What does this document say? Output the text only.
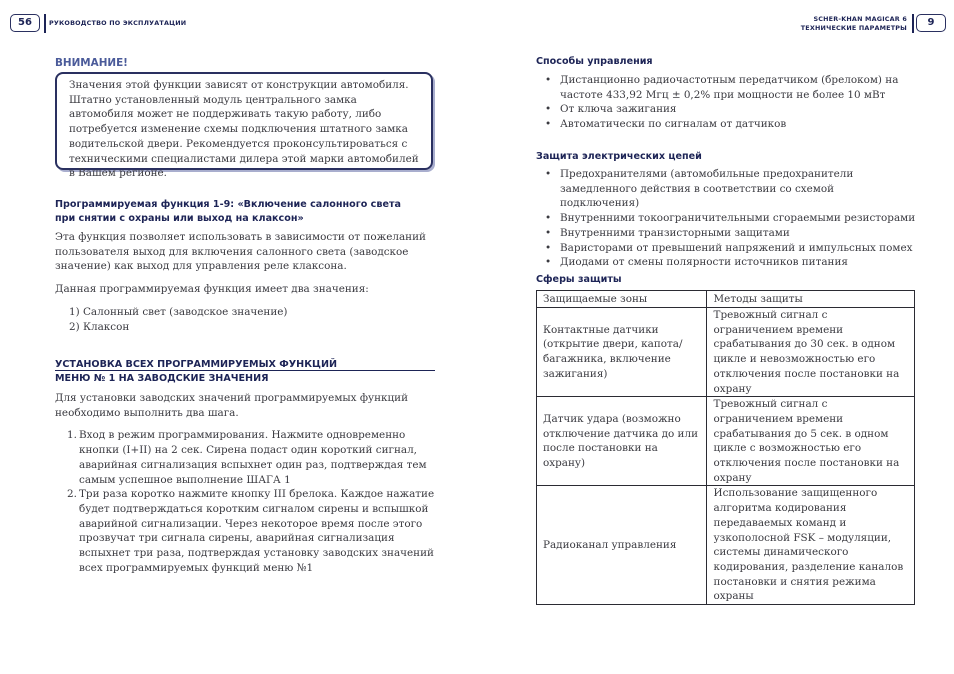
56	РУКОВОДСТВО ПО ЭКСПЛУАТАЦИИ	SCHER-KHAN MAGICAR 6
ТЕХНИЧЕСКИЕ ПАРАМЕТРЫ	9
ВНИМАНИЕ!
Значения этой функции зависят от конструкции автомобиля. Штатно установленный модуль центрального замка автомобиля может не поддерживать такую работу, либо потребуется изменение схемы подключения штатного замка водительской двери. Рекомендуется проконсультироваться с техническими специалистами дилера этой марки автомобилей в Вашем регионе.
Программируемая функция 1-9: «Включение салонного света при снятии с охраны или выход на клаксон»

Эта функция позволяет использовать в зависимости от пожеланий пользователя выход для включения салонного света (заводское значение) как выход для управления реле клаксона.

Данная программируемая функция имеет два значения:

1) Салонный свет (заводское значение)

2) Клаксон

УСТАНОВКА ВСЕХ ПРОГРАММИРУЕМЫХ ФУНКЦИЙ
МЕНЮ № 1 НА ЗАВОДСКИЕ ЗНАЧЕНИЯ

Для установки заводских значений программируемых функций необходимо выполнить два шага.

1. Вход в режим программирования. Нажмите одновременно кнопки (I+II) на 2 сек. Сирена подаст один короткий сигнал, аварийная сигнализация вспыхнет один раз, подтверждая тем самым успешное выполнение ШАГА 1
2. Три раза коротко нажмите кнопку III брелока. Каждое нажатие будет подтверждаться коротким сигналом сирены и вспышкой аварийной сигнализации. Через некоторое время после этого прозвучат три сигнала сирены, аварийная сигнализация вспыхнет три раза, подтверждая установку заводских значений всех программируемых функций меню №1
Способы управления
• Дистанционно радиочастотным передатчиком (брелоком) на частоте 433,92 Мгц ± 0,2% при мощности не более 10 мВт
• От ключа зажигания
• Автоматически по сигналам от датчиков
Защита электрических цепей
• Предохранителями (автомобильные предохранители замедленного действия в соответствии со схемой подключения)
• Внутренними токоограничительными сгораемыми резисторами
• Внутренними транзисторными защитами
• Варисторами от превышений напряжений и импульсных помех
• Диодами от смены полярности источников питания
Сферы защиты
Защищаемые зоны	Методы защиты
Контактные датчики (открытие двери, капота/багажника, включение зажигания)	Тревожный сигнал с ограничением времени срабатывания до 30 сек. в одном цикле и невозможностью его отключения после постановки на охрану
Датчик удара (возможно отключение датчика до или после постановки на охрану)	Тревожный сигнал с ограничением времени срабатывания до 5 сек. в одном цикле с возможностью его отключения после постановки на охрану
Радиоканал управления	Использование защищенного алгоритма кодирования передаваемых команд и узкополосной FSK – модуляции, системы динамического кодирования, разделение каналов постановки и снятия режима охраны
